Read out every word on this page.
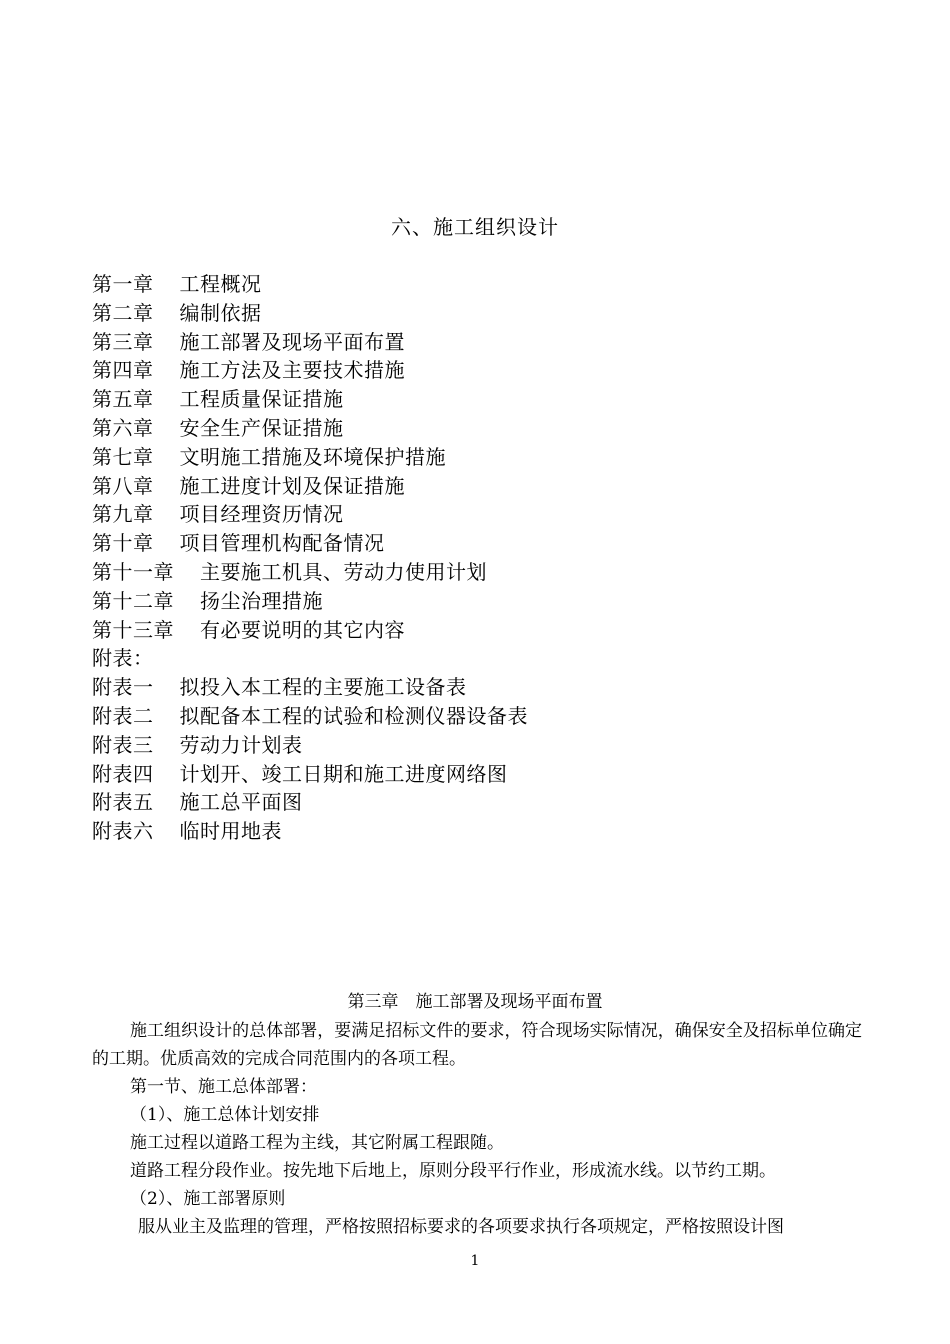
六、施工组织设计
第一章 工程概况
第二章 编制依据
第三章 施工部署及现场平面布置
第四章 施工方法及主要技术措施
第五章 工程质量保证措施
第六章 安全生产保证措施
第七章 文明施工措施及环境保护措施
第八章 施工进度计划及保证措施
第九章 项目经理资历情况
第十章 项目管理机构配备情况
第十一章 主要施工机具、劳动力使用计划
第十二章 扬尘治理措施
第十三章 有必要说明的其它内容
附表：
附表一 拟投入本工程的主要施工设备表
附表二 拟配备本工程的试验和检测仪器设备表
附表三 劳动力计划表
附表四 计划开、竣工日期和施工进度网络图
附表五 施工总平面图
附表六 临时用地表
第三章　施工部署及现场平面布置

施工组织设计的总体部署，要满足招标文件的要求，符合现场实际情况，确保安全及招标单位确定的工期。优质高效的完成合同范围内的各项工程。

第一节、施工总体部署：

（1）、施工总体计划安排

施工过程以道路工程为主线，其它附属工程跟随。

道路工程分段作业。按先地下后地上，原则分段平行作业，形成流水线。以节约工期。

（2）、施工部署原则

服从业主及监理的管理，严格按照招标要求的各项要求执行各项规定，严格按照设计图

1
